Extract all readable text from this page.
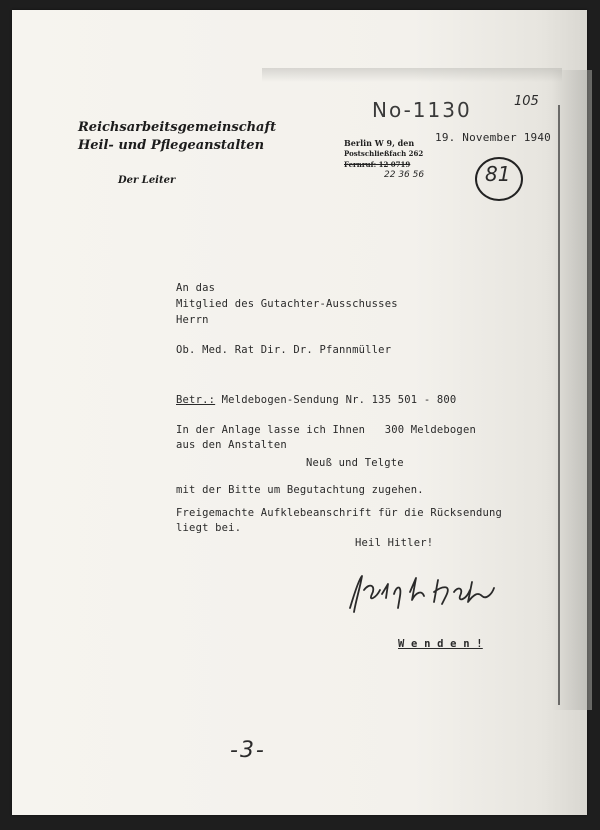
Reichsarbeitsgemeinschaft
Heil- und Pflegeanstalten
Der Leiter
No-1130	105
81
Berlin W 9, den
Postschließfach 262
Fernruf: 12 0719
22 36 56
19. November 1940
An das
Mitglied des Gutachter-Ausschusses
Herrn
Ob. Med. Rat Dir. Dr. Pfannmüller
Betr.: Meldebogen-Sendung Nr. 135 501 - 800
In der Anlage lasse ich Ihnen   300 Meldebogen
aus den Anstalten
Neuß und Telgte
mit der Bitte um Begutachtung zugehen.
Freigemachte Aufklebeanschrift für die Rücksendung
liegt bei.
Heil Hitler!
W e n d e n !
-3-
